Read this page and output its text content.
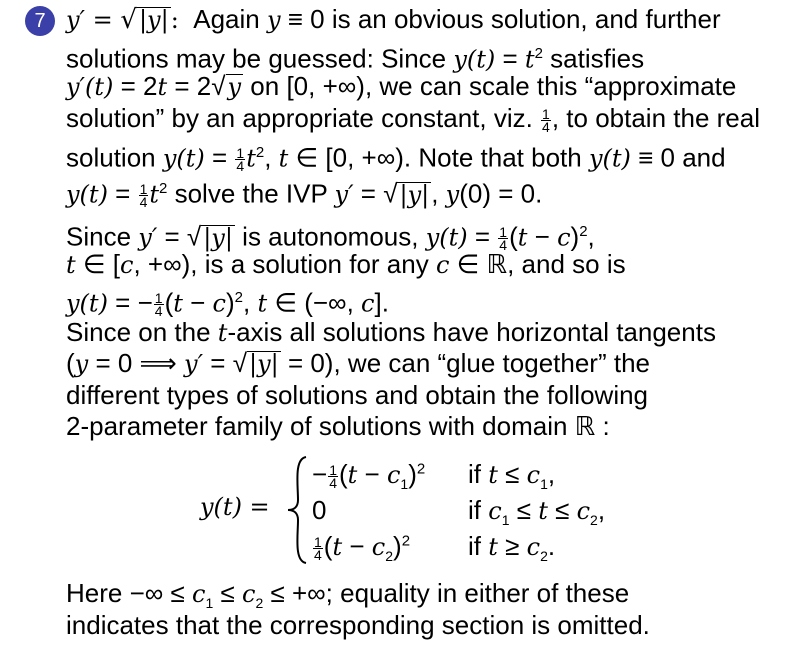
7 y′ = √|y|: Again y ≡ 0 is an obvious solution, and further
solutions may be guessed: Since $y(t) = t^2$ satisfies
y′(t) = 2t = 2√y on [0, +∞), we can scale this “approximate
solution” by an appropriate constant, viz. $\frac{1}{4}$ , to obtain the real
solution $y(t) = \frac{1}{4} t^2$, t ∈ [0, +∞). Note that both y(t) ≡ 0 and
$y(t) = \frac{1}{4} t^2$ solve the IVP y′ = √|y|, y(0) = 0.
Since y′ = √|y| is autonomous, $y(t) = \frac{1}{4} (t - c)^2$,
t ∈ [c, +∞), is a solution for any c ∈ ℝ, and so is
y(t) = − $\frac{1}{4} (t - c)^2$, t ∈ (−∞, c].
Since on the t-axis all solutions have horizontal tangents
(y = 0 ⟹ y′ = √|y| = 0), we can “glue together” the
different types of solutions and obtain the following
2-parameter family of solutions with domain ℝ :
y(t) =
− $\frac{1}{4} (t - c_1)^2$ if $t \le c_1$,
0	if $c_1 \le t \le c_2$,
$\frac{1}{4} (t - c_2)^2$ if $t \ge c_2$.
Here −∞ ≤ $c_1 \le c_2$ ≤ +∞; equality in either of these
indicates that the corresponding section is omitted.
